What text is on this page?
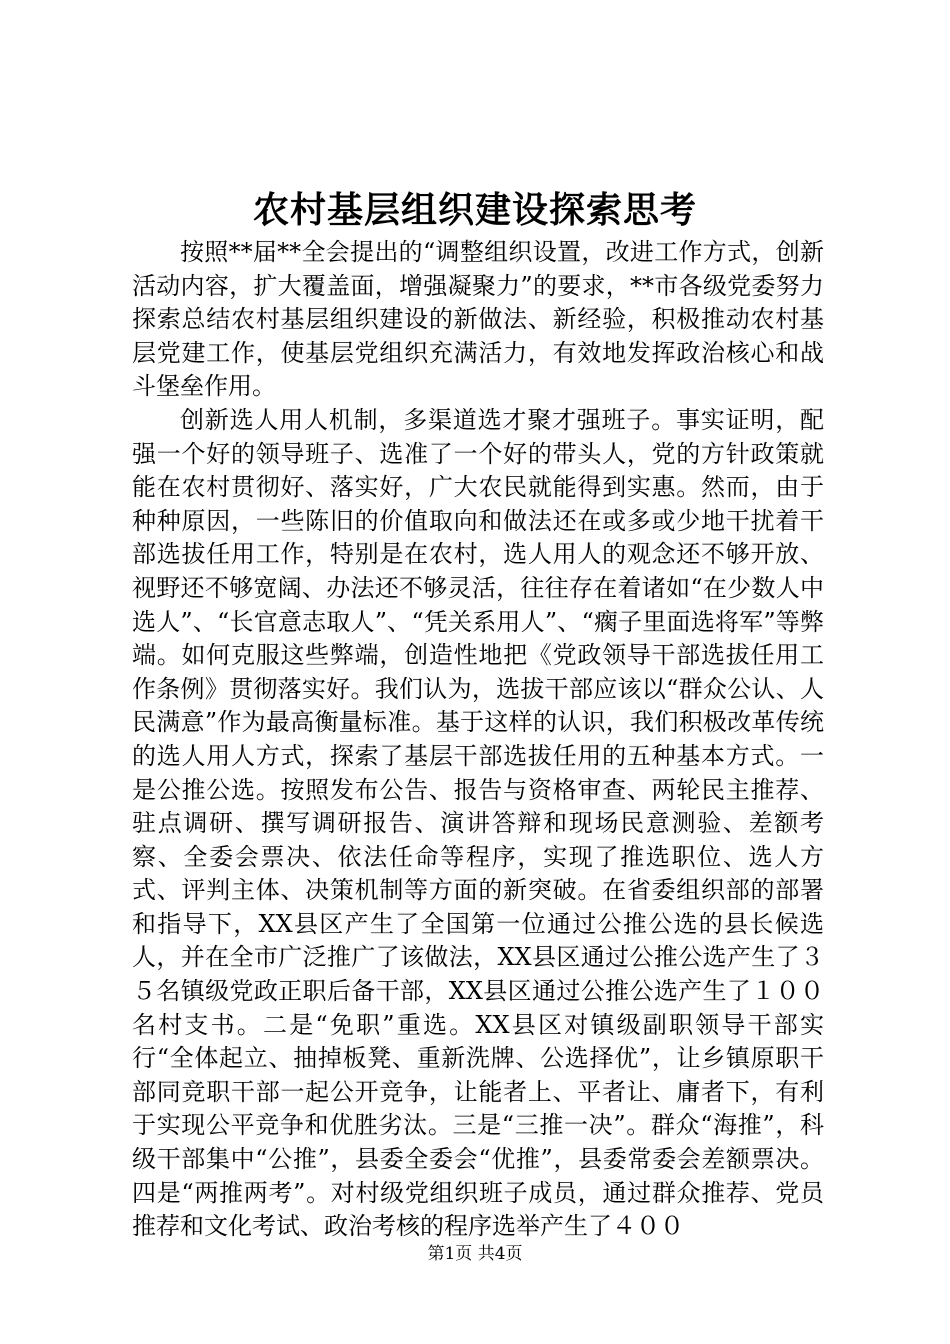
农村基层组织建设探索思考

按照**届**全会提出的“调整组织设置，改进工作方式，创新活动内容，扩大覆盖面，增强凝聚力”的要求，**市各级党委努力探索总结农村基层组织建设的新做法、新经验，积极推动农村基层党建工作，使基层党组织充满活力，有效地发挥政治核心和战斗堡垒作用。

创新选人用人机制，多渠道选才聚才强班子。事实证明，配强一个好的领导班子、选准了一个好的带头人，党的方针政策就能在农村贯彻好、落实好，广大农民就能得到实惠。然而，由于种种原因，一些陈旧的价值取向和做法还在或多或少地干扰着干部选拔任用工作，特别是在农村，选人用人的观念还不够开放、视野还不够宽阔、办法还不够灵活，往往存在着诸如“在少数人中选人”、“长官意志取人”、“凭关系用人”、“瘸子里面选将军”等弊端。如何克服这些弊端，创造性地把《党政领导干部选拔任用工作条例》贯彻落实好。我们认为，选拔干部应该以“群众公认、人民满意”作为最高衡量标准。基于这样的认识，我们积极改革传统的选人用人方式，探索了基层干部选拔任用的五种基本方式。一是公推公选。按照发布公告、报告与资格审查、两轮民主推荐、驻点调研、撰写调研报告、演讲答辩和现场民意测验、差额考察、全委会票决、依法任命等程序，实现了推选职位、选人方式、评判主体、决策机制等方面的新突破。在省委组织部的部署和指导下，XX县区产生了全国第一位通过公推公选的县长候选人，并在全市广泛推广了该做法，XX县区通过公推公选产生了３５名镇级党政正职后备干部，XX县区通过公推公选产生了１００名村支书。二是“免职”重选。XX县区对镇级副职领导干部实行“全体起立、抽掉板凳、重新洗牌、公选择优”，让乡镇原职干部同竞职干部一起公开竞争，让能者上、平者让、庸者下，有利于实现公平竞争和优胜劣汰。三是“三推一决”。群众“海推”，科级干部集中“公推”，县委全委会“优推”，县委常委会差额票决。四是“两推两考”。对村级党组织班子成员，通过群众推荐、党员推荐和文化考试、政治考核的程序选举产生了４００

第1页 共4页
